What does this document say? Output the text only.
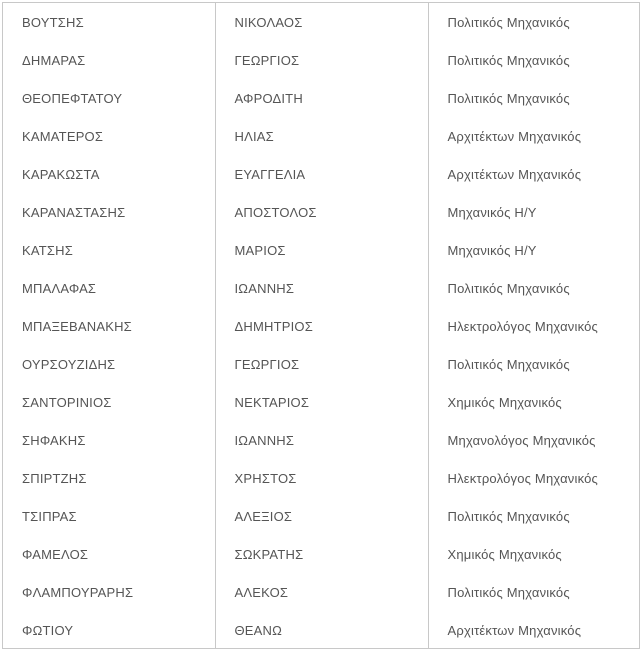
ΒΟΥΤΣΗΣ	ΝΙΚΟΛΑΟΣ	Πολιτικός Μηχανικός
ΔΗΜΑΡΑΣ	ΓΕΩΡΓΙΟΣ	Πολιτικός Μηχανικός
ΘΕΟΠΕΦΤΑΤΟΥ	ΑΦΡΟΔΙΤΗ	Πολιτικός Μηχανικός
ΚΑΜΑΤΕΡΟΣ	ΗΛΙΑΣ	Αρχιτέκτων Μηχανικός
ΚΑΡΑΚΩΣΤΑ	ΕΥΑΓΓΕΛΙΑ	Αρχιτέκτων Μηχανικός
ΚΑΡΑΝΑΣΤΑΣΗΣ	ΑΠΟΣΤΟΛΟΣ	Μηχανικός Η/Υ
ΚΑΤΣΗΣ	ΜΑΡΙΟΣ	Μηχανικός Η/Υ
ΜΠΑΛΑΦΑΣ	ΙΩΑΝΝΗΣ	Πολιτικός Μηχανικός
ΜΠΑΞΕΒΑΝΑΚΗΣ	ΔΗΜΗΤΡΙΟΣ	Ηλεκτρολόγος Μηχανικός
ΟΥΡΣΟΥΖΙΔΗΣ	ΓΕΩΡΓΙΟΣ	Πολιτικός Μηχανικός
ΣΑΝΤΟΡΙΝΙΟΣ	ΝΕΚΤΑΡΙΟΣ	Χημικός Μηχανικός
ΣΗΦΑΚΗΣ	ΙΩΑΝΝΗΣ	Μηχανολόγος Μηχανικός
ΣΠΙΡΤΖΗΣ	ΧΡΗΣΤΟΣ	Ηλεκτρολόγος Μηχανικός
ΤΣΙΠΡΑΣ	ΑΛΕΞΙΟΣ	Πολιτικός Μηχανικός
ΦΑΜΕΛΟΣ	ΣΩΚΡΑΤΗΣ	Χημικός Μηχανικός
ΦΛΑΜΠΟΥΡΑΡΗΣ	ΑΛΕΚΟΣ	Πολιτικός Μηχανικός
ΦΩΤΙΟΥ	ΘΕΑΝΩ	Αρχιτέκτων Μηχανικός
